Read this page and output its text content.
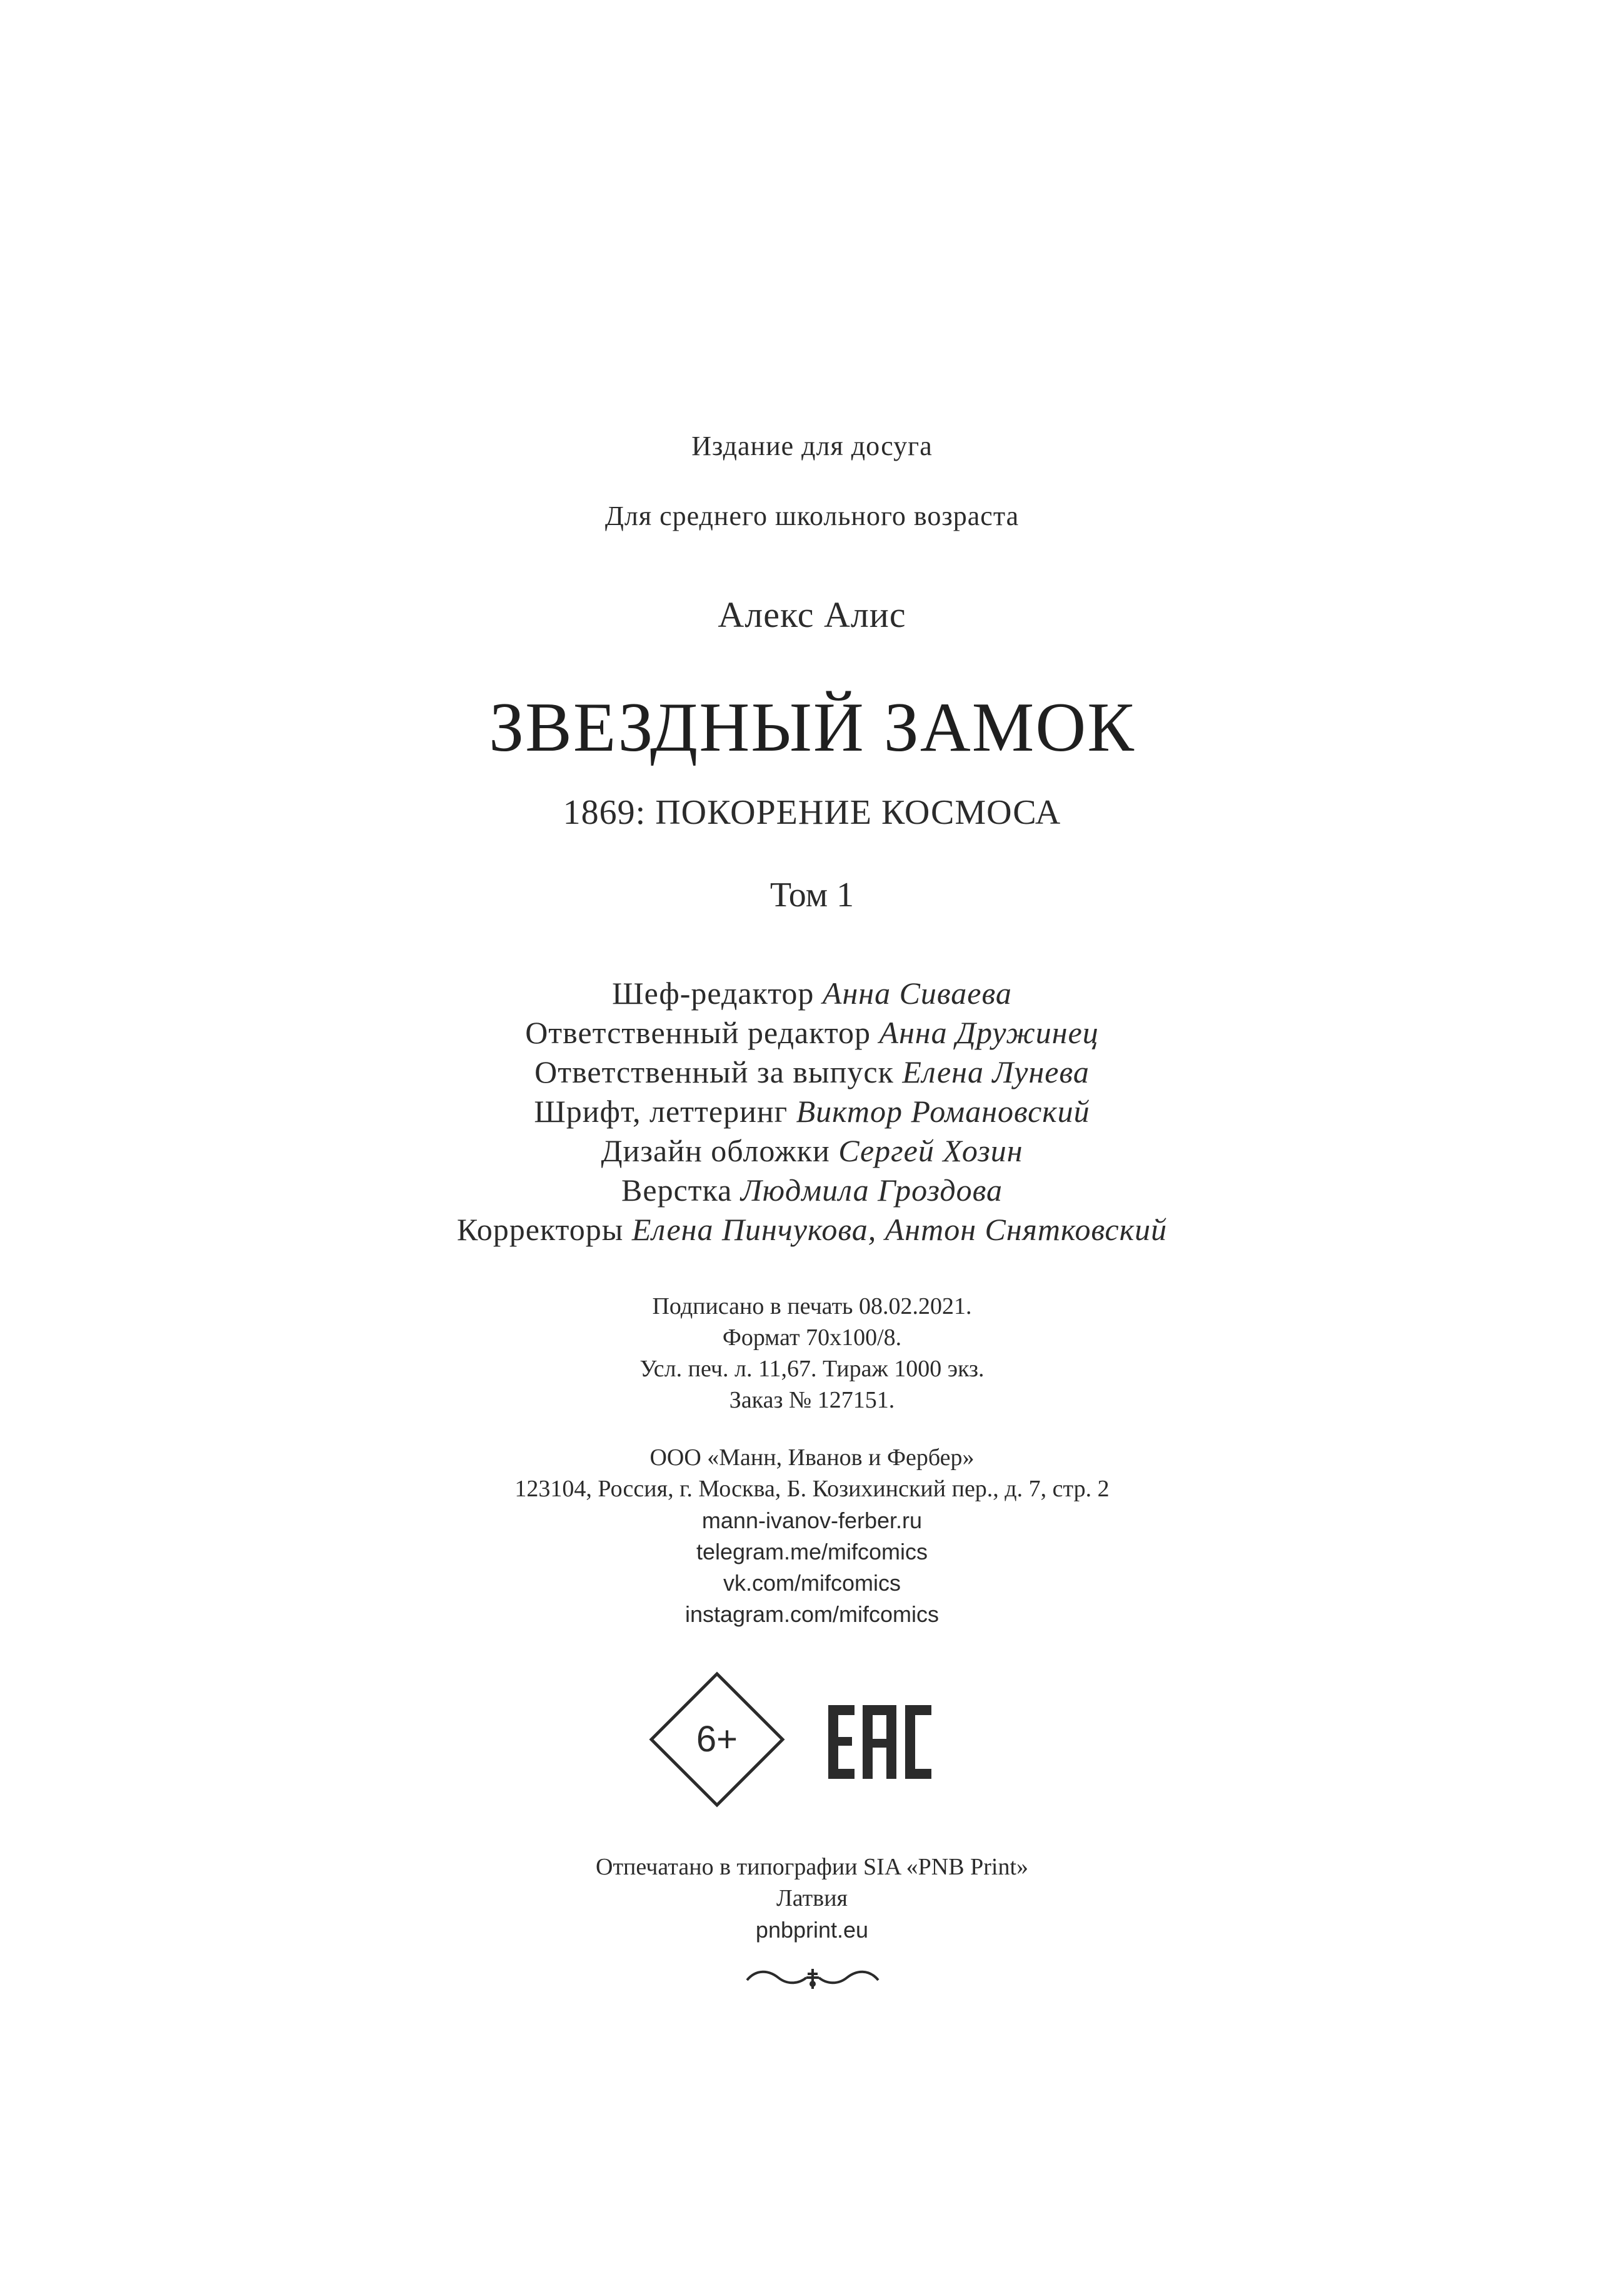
Издание для досуга
Для среднего школьного возраста
Алекс Алис
ЗВЕЗДНЫЙ ЗАМОК
1869: ПОКОРЕНИЕ КОСМОСА
Том 1
Шеф-редактор Анна Сиваева
Ответственный редактор Анна Дружинец
Ответственный за выпуск Елена Лунева
Шрифт, леттеринг Виктор Романовский
Дизайн обложки Сергей Хозин
Верстка Людмила Гроздова
Корректоры Елена Пинчукова, Антон Снятковский
Подписано в печать 08.02.2021.
Формат 70x100/8.
Усл. печ. л. 11,67. Тираж 1000 экз.
Заказ № 127151.
ООО «Манн, Иванов и Фербер»
123104, Россия, г. Москва, Б. Козихинский пер., д. 7, стр. 2
mann-ivanov-ferber.ru
telegram.me/mifcomics
vk.com/mifcomics
instagram.com/mifcomics
6+
Отпечатано в типографии SIA «PNB Print»
Латвия
pnbprint.eu
